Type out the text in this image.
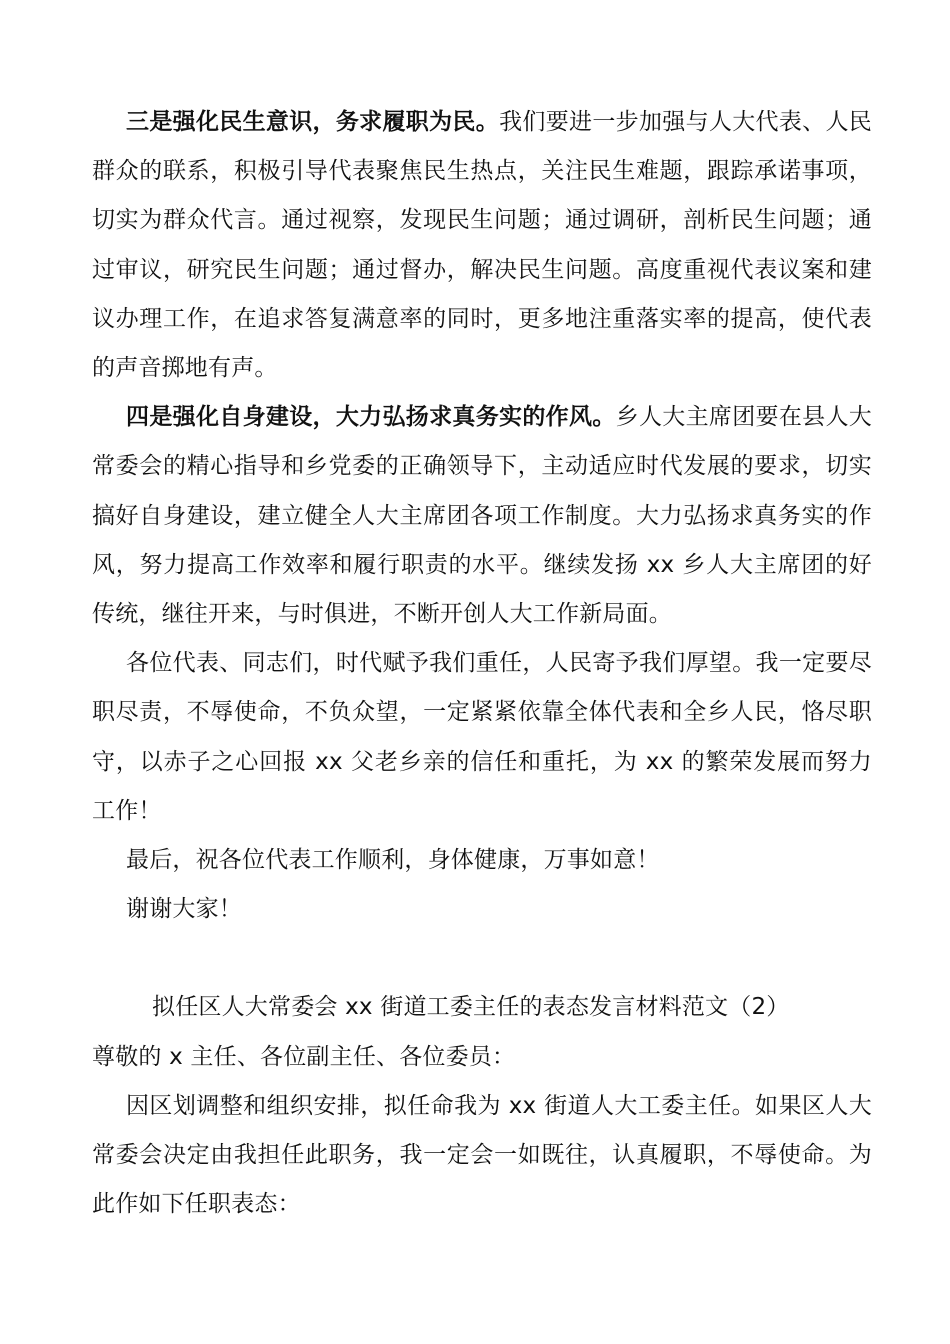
三是强化民生意识，务求履职为民。我们要进一步加强与人大代表、人民群众的联系，积极引导代表聚焦民生热点，关注民生难题，跟踪承诺事项，切实为群众代言。通过视察，发现民生问题；通过调研，剖析民生问题；通过审议，研究民生问题；通过督办，解决民生问题。高度重视代表议案和建议办理工作，在追求答复满意率的同时，更多地注重落实率的提高，使代表的声音掷地有声。

四是强化自身建设，大力弘扬求真务实的作风。乡人大主席团要在县人大常委会的精心指导和乡党委的正确领导下，主动适应时代发展的要求，切实搞好自身建设，建立健全人大主席团各项工作制度。大力弘扬求真务实的作风，努力提高工作效率和履行职责的水平。继续发扬 xx 乡人大主席团的好传统，继往开来，与时俱进，不断开创人大工作新局面。

各位代表、同志们，时代赋予我们重任，人民寄予我们厚望。我一定要尽职尽责，不辱使命，不负众望，一定紧紧依靠全体代表和全乡人民，恪尽职守，以赤子之心回报 xx 父老乡亲的信任和重托，为 xx 的繁荣发展而努力工作！

最后，祝各位代表工作顺利，身体健康，万事如意！

谢谢大家！

拟任区人大常委会 xx 街道工委主任的表态发言材料范文（2）

尊敬的 x 主任、各位副主任、各位委员：

因区划调整和组织安排，拟任命我为 xx 街道人大工委主任。如果区人大常委会决定由我担任此职务，我一定会一如既往，认真履职，不辱使命。为此作如下任职表态：
